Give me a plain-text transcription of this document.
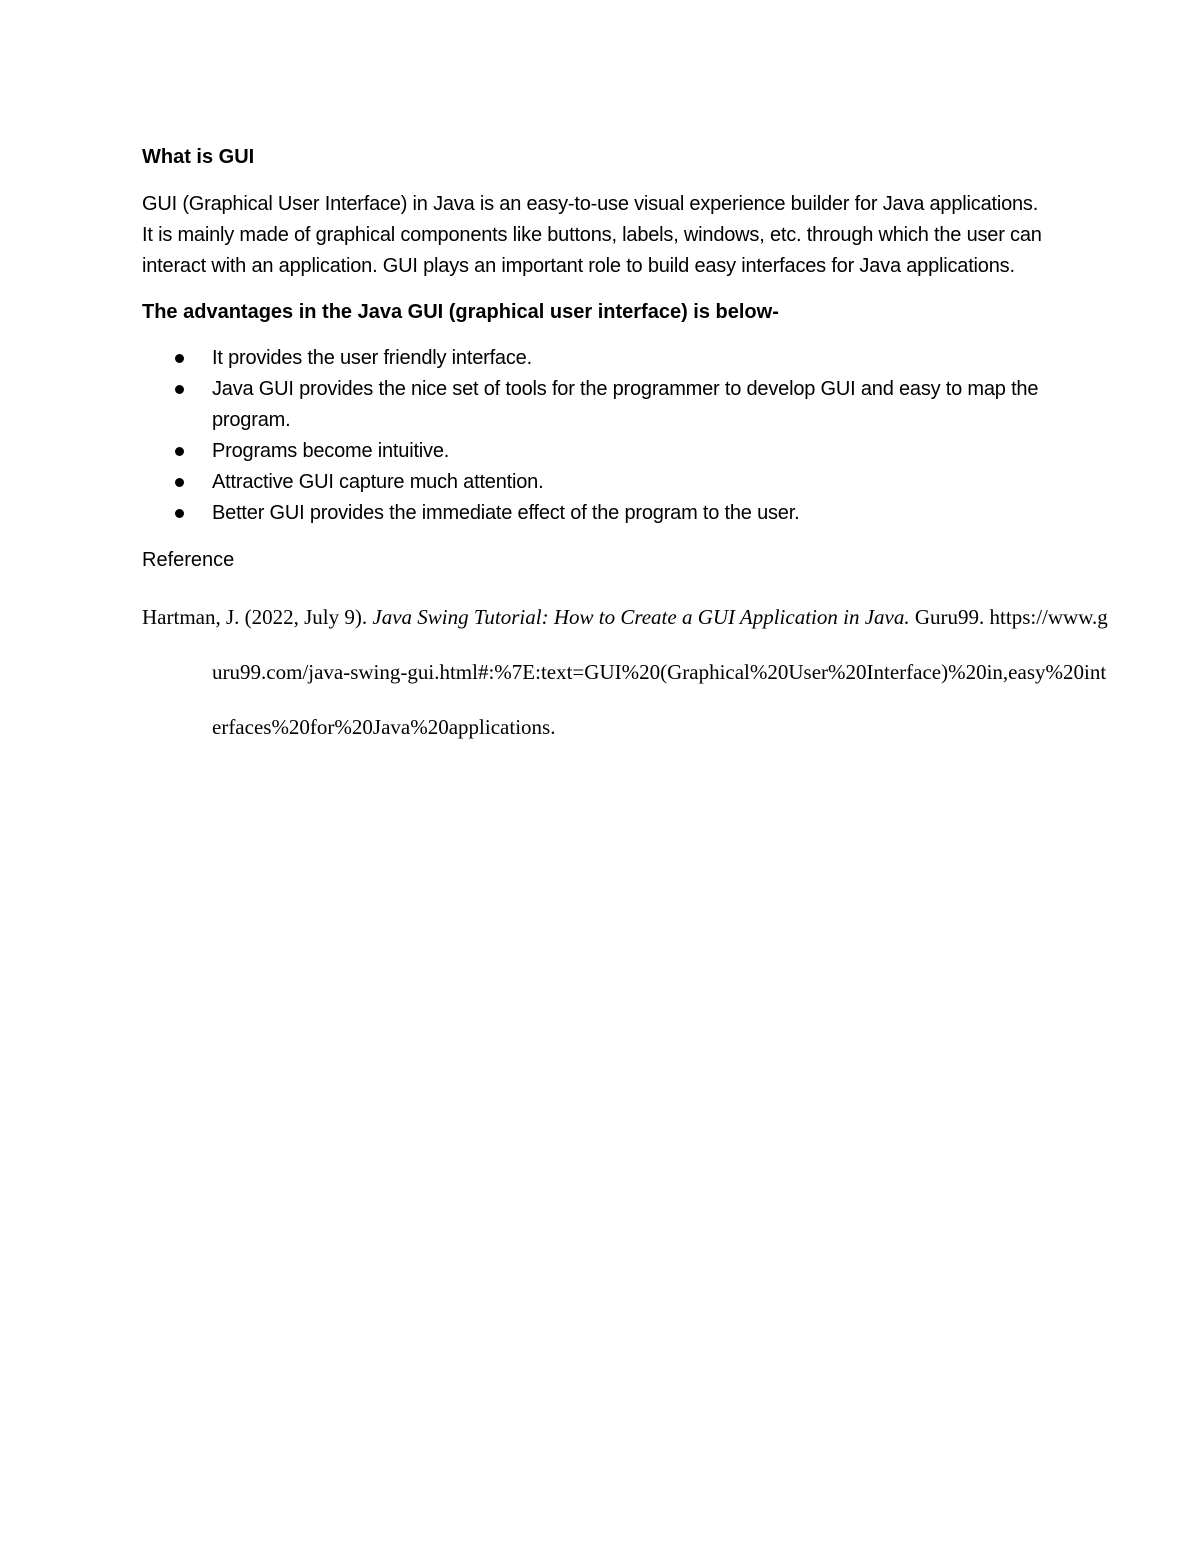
What is GUI

GUI (Graphical User Interface) in Java is an easy-to-use visual experience builder for Java applications. It is mainly made of graphical components like buttons, labels, windows, etc. through which the user can interact with an application. GUI plays an important role to build easy interfaces for Java applications.

The advantages in the Java GUI (graphical user interface) is below-
It provides the user friendly interface.
Java GUI provides the nice set of tools for the programmer to develop GUI and easy to map the program.
Programs become intuitive.
Attractive GUI capture much attention.
Better GUI provides the immediate effect of the program to the user.
Reference

Hartman, J. (2022, July 9). Java Swing Tutorial: How to Create a GUI Application in Java. Guru99. https://www.guru99.com/java-swing-gui.html#:%7E:text=GUI%20(Graphical%20User%20Interface)%20in,easy%20interfaces%20for%20Java%20applications.
